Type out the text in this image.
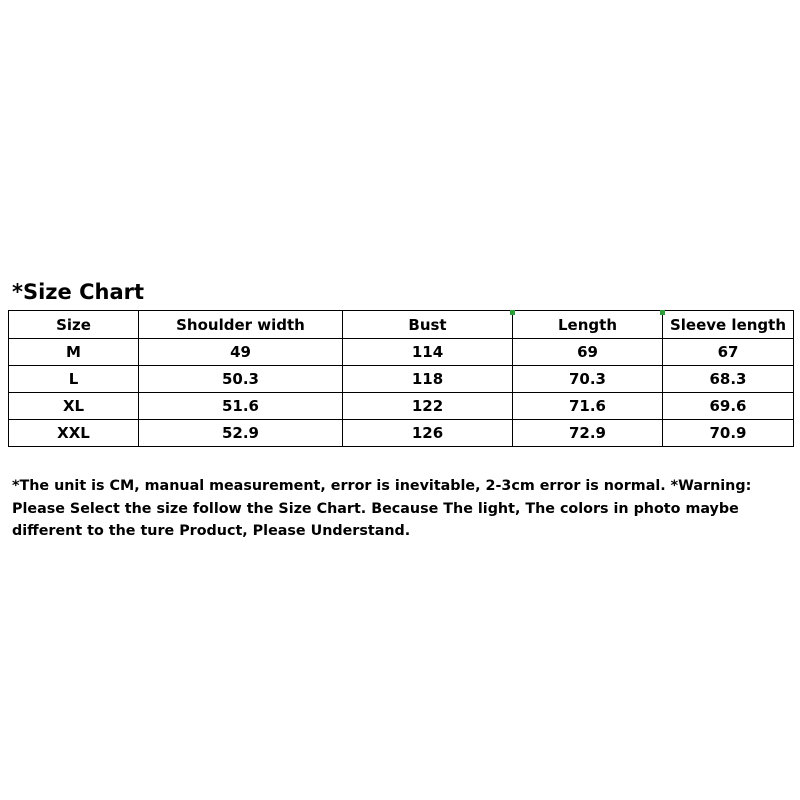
*Size Chart
Size	Shoulder width	Bust	Length	Sleeve length
M	49	114	69	67
L	50.3	118	70.3	68.3
XL	51.6	122	71.6	69.6
XXL	52.9	126	72.9	70.9
*The unit is CM, manual measurement, error is inevitable, 2-3cm error is normal. *Warning:
Please Select the size follow the Size Chart. Because The light, The colors in photo maybe
different to the ture Product, Please Understand.
